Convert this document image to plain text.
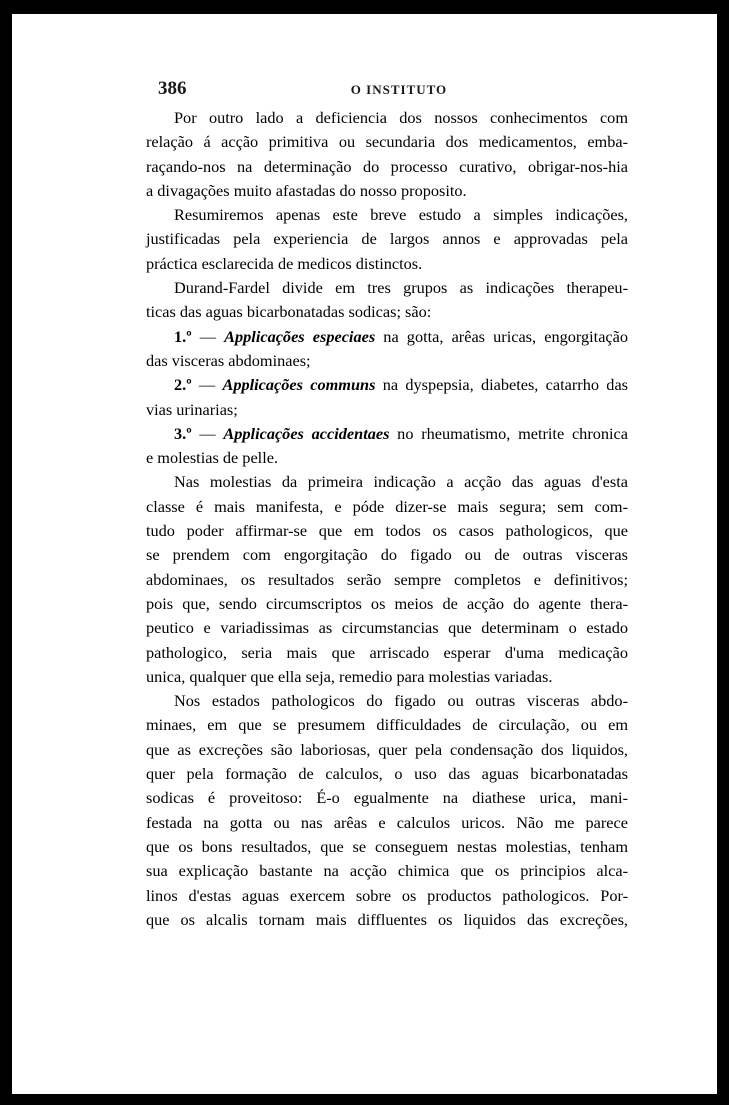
386	O INSTITUTO
Por outro lado a deficiencia dos nossos conhecimentos com
relação á acção primitiva ou secundaria dos medicamentos, emba-
raçando-nos na determinação do processo curativo, obrigar-nos-hia
a divagações muito afastadas do nosso proposito.
Resumiremos apenas este breve estudo a simples indicações,
justificadas pela experiencia de largos annos e approvadas pela
práctica esclarecida de medicos distinctos.
Durand-Fardel divide em tres grupos as indicações therapeu-
ticas das aguas bicarbonatadas sodicas; são:
1.º — Applicações especiaes na gotta, arêas uricas, engorgitação
das visceras abdominaes;
2.º — Applicações communs na dyspepsia, diabetes, catarrho das
vias urinarias;
3.º — Applicações accidentaes no rheumatismo, metrite chronica
e molestias de pelle.
Nas molestias da primeira indicação a acção das aguas d'esta
classe é mais manifesta, e póde dizer-se mais segura; sem com-
tudo poder affirmar-se que em todos os casos pathologicos, que
se prendem com engorgitação do figado ou de outras visceras
abdominaes, os resultados serão sempre completos e definitivos;
pois que, sendo circumscriptos os meios de acção do agente thera-
peutico e variadissimas as circumstancias que determinam o estado
pathologico, seria mais que arriscado esperar d'uma medicação
unica, qualquer que ella seja, remedio para molestias variadas.
Nos estados pathologicos do figado ou outras visceras abdo-
minaes, em que se presumem difficuldades de circulação, ou em
que as excreções são laboriosas, quer pela condensação dos liquidos,
quer pela formação de calculos, o uso das aguas bicarbonatadas
sodicas é proveitoso: É-o egualmente na diathese urica, mani-
festada na gotta ou nas arêas e calculos uricos. Não me parece
que os bons resultados, que se conseguem nestas molestias, tenham
sua explicação bastante na acção chimica que os principios alca-
linos d'estas aguas exercem sobre os productos pathologicos. Por-
que os alcalis tornam mais diffluentes os liquidos das excreções,
